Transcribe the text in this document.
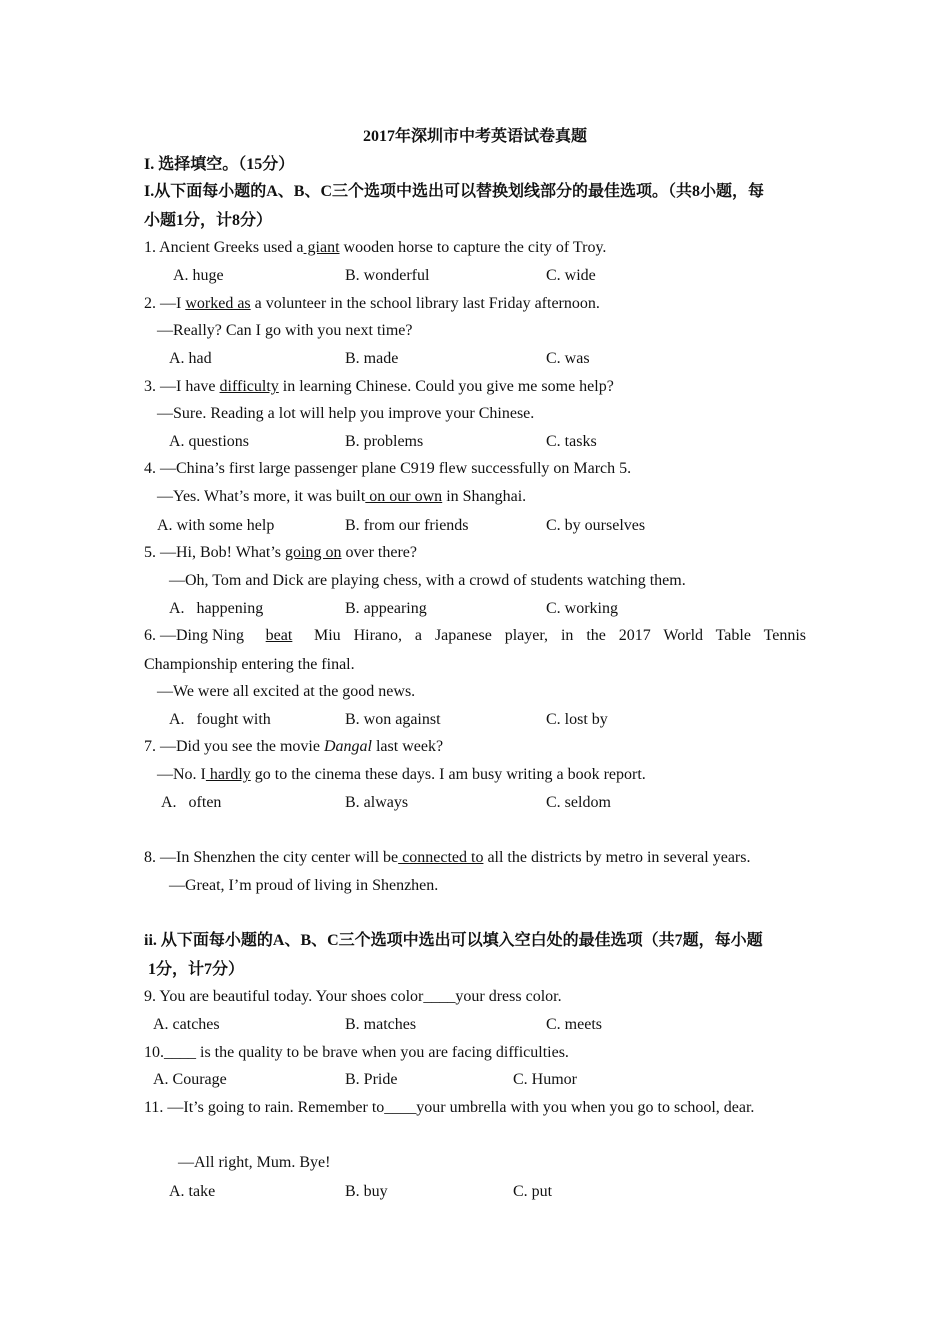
2017年深圳市中考英语试卷真题
I. 选择填空。（15分）
I.从下面每小题的A、B、C三个选项中选出可以替换划线部分的最佳选项。（共8小题，每
小题1分，计8分）
1. Ancient Greeks used a giant wooden horse to capture the city of Troy.
A. huge	B. wonderful	C. wide
2. —I worked as a volunteer in the school library last Friday afternoon.
—Really? Can I go with you next time?
A. had	B. made	C. was
3. —I have difficulty in learning Chinese. Could you give me some help?
—Sure. Reading a lot will help you improve your Chinese.
A. questions	B. problems	C. tasks
4. —China’s first large passenger plane C919 flew successfully on March 5.
—Yes. What’s more, it was built on our own in Shanghai.
A. with some help	B. from our friends	C. by ourselves
5. —Hi, Bob! What’s going on over there?
—Oh, Tom and Dick are playing chess, with a crowd of students watching them.
A.   happening	B. appearing	C. working
6. —Ding Ning beat Miu Hirano, a Japanese player, in the 2017 World Table Tennis
Championship entering the final.
—We were all excited at the good news.
A.   fought with	B. won against	C. lost by
7. —Did you see the movie Dangal last week?
—No. I hardly go to the cinema these days. I am busy writing a book report.
A.   often	B. always	C. seldom
8. —In Shenzhen the city center will be connected to all the districts by metro in several years.
—Great, I’m proud of living in Shenzhen.
ii. 从下面每小题的A、B、C三个选项中选出可以填入空白处的最佳选项（共7题，每小题
1分，计7分）
9. You are beautiful today. Your shoes color____your dress color.
A. catches	B. matches	C. meets
10.____ is the quality to be brave when you are facing difficulties.
A. Courage	B. Pride	C. Humor
11. —It’s going to rain. Remember to____your umbrella with you when you go to school, dear.
—All right, Mum. Bye!
A. take	B. buy	C. put
